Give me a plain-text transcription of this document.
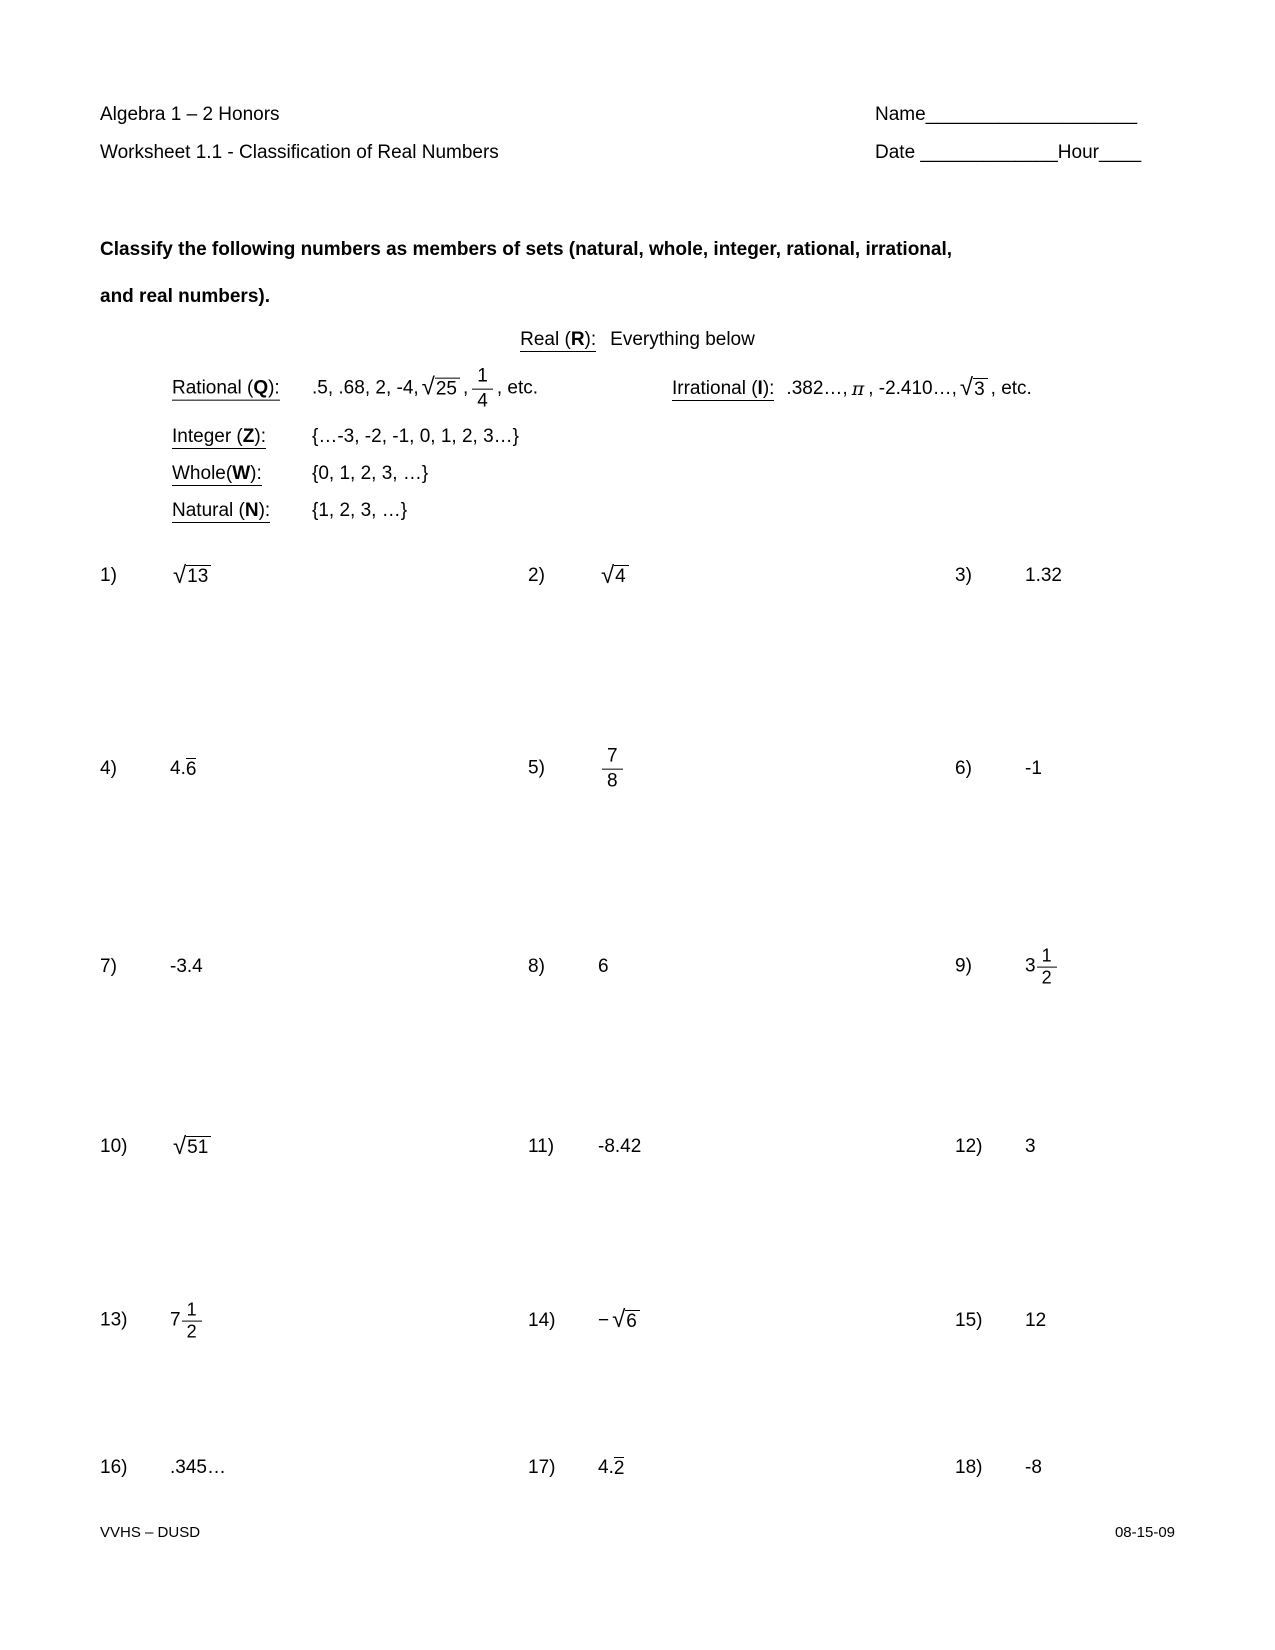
Algebra 1 – 2 Honors
Worksheet 1.1 - Classification of Real Numbers
Name____________________
Date _____________Hour____
Classify the following numbers as members of sets (natural, whole, integer, rational, irrational,
and real numbers).
Real (R): Everything below
Rational (Q):	.5, .68, 2, -4, √ 25 , $\frac{1}{4}$ , etc.	Irrational (I): .382…, π , -2.410…, √ 3 , etc.
Integer (Z):	{…-3, -2, -1, 0, 1, 2, 3…}
Whole(W):	{0, 1, 2, 3, …}
Natural (N):	{1, 2, 3, …}
1)	√ 13	2)	√ 4	3)	1.32
4)	4. 6	5)	$\frac{7}{8}$	6)	-1
7)	-3.4	8)	6	9)	$3 \frac{1}{2}$
10)	√ 51	11)	-8.42	12)	3
13)	$7 \frac{1}{2}$	14)	− √ 6	15)	12
16)	.345…	17)	4. 2	18)	-8
VVHS – DUSD	08-15-09
